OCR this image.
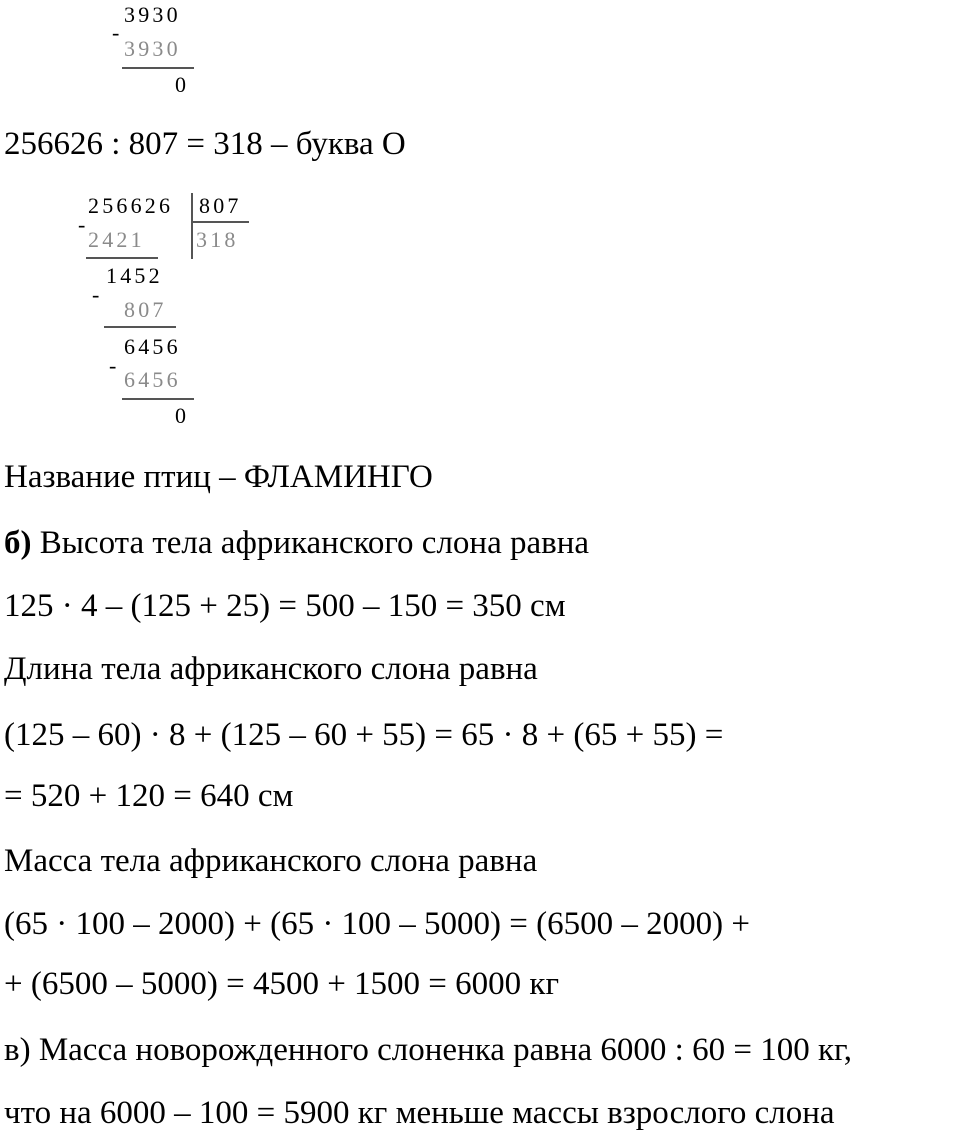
3930
-
3930
0
256626 : 807 = 318 – буква О
256626 807
-
2421 318
1452
-
807
6456
-
6456
0
Название птиц – ФЛАМИНГО
б) Высота тела африканского слона равна
125 · 4 – (125 + 25) = 500 – 150 = 350 см
Длина тела африканского слона равна
(125 – 60) · 8 + (125 – 60 + 55) = 65 · 8 + (65 + 55) =
= 520 + 120 = 640 см
Масса тела африканского слона равна
(65 · 100 – 2000) + (65 · 100 – 5000) = (6500 – 2000) +
+ (6500 – 5000) = 4500 + 1500 = 6000 кг
в) Масса новорожденного слоненка равна 6000 : 60 = 100 кг,
что на 6000 – 100 = 5900 кг меньше массы взрослого слона
